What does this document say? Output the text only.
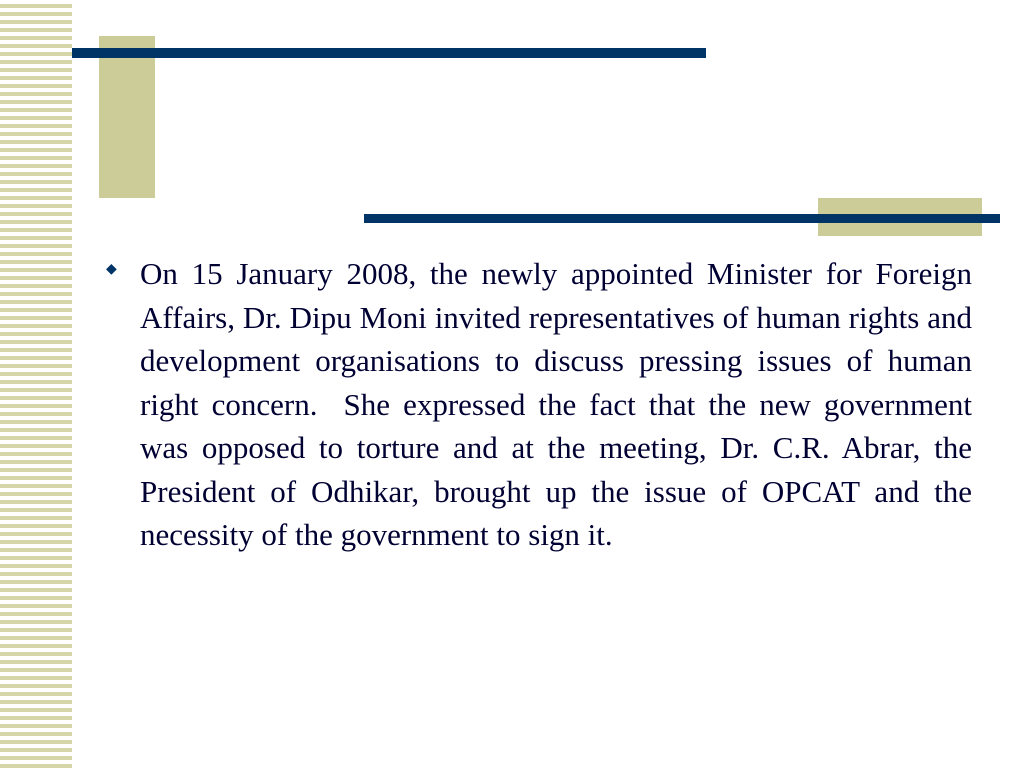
◆ On 15 January 2008, the newly appointed Minister for Foreign Affairs, Dr. Dipu Moni invited representatives of human rights and development organisations to discuss pressing issues of human right concern.  She expressed the fact that the new government was opposed to torture and at the meeting, Dr. C.R. Abrar, the President of Odhikar, brought up the issue of OPCAT and the necessity of the government to sign it.
